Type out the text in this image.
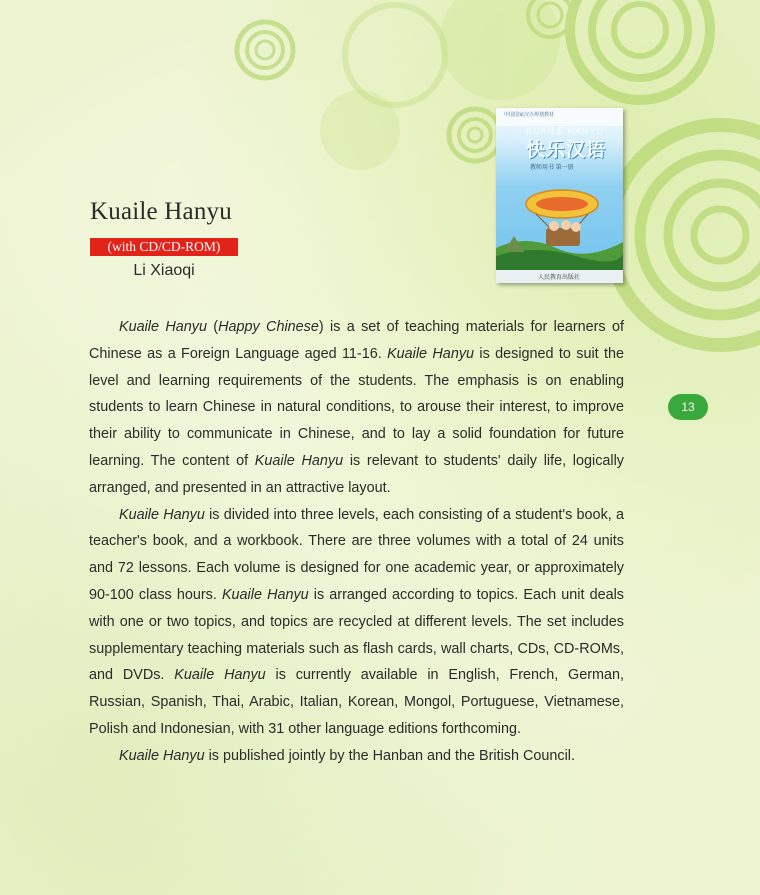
Kuaile Hanyu
(with CD/CD-ROM)
Li Xiaoqi
中国国家汉办规划教材
KUAILE HANYU
快乐汉语
教师用书 第一册
人民教育出版社
13

Kuaile Hanyu (Happy Chinese) is a set of teaching materials for learners of Chinese as a Foreign Language aged 11-16. Kuaile Hanyu is designed to suit the level and learning requirements of the students. The emphasis is on enabling students to learn Chinese in natural conditions, to arouse their interest, to improve their ability to communicate in Chinese, and to lay a solid foundation for future learning. The content of Kuaile Hanyu is relevant to students' daily life, logically arranged, and presented in an attractive layout.

Kuaile Hanyu is divided into three levels, each consisting of a student's book, a teacher's book, and a workbook. There are three volumes with a total of 24 units and 72 lessons. Each volume is designed for one academic year, or approximately 90-100 class hours. Kuaile Hanyu is arranged according to topics. Each unit deals with one or two topics, and topics are recycled at different levels. The set includes supplementary teaching materials such as flash cards, wall charts, CDs, CD-ROMs, and DVDs. Kuaile Hanyu is currently available in English, French, German, Russian, Spanish, Thai, Arabic, Italian, Korean, Mongol, Portuguese, Vietnamese, Polish and Indonesian, with 31 other language editions forthcoming.

Kuaile Hanyu is published jointly by the Hanban and the British Council.
